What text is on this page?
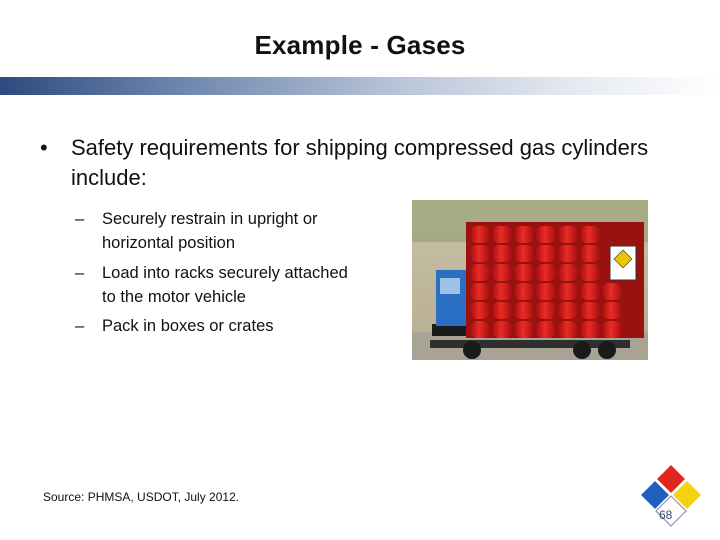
Example - Gases
• Safety requirements for shipping compressed gas cylinders include:
– Securely restrain in upright or horizontal position
– Load into racks securely attached to the motor vehicle
– Pack in boxes or crates
Source: PHMSA, USDOT, July 2012.
68
